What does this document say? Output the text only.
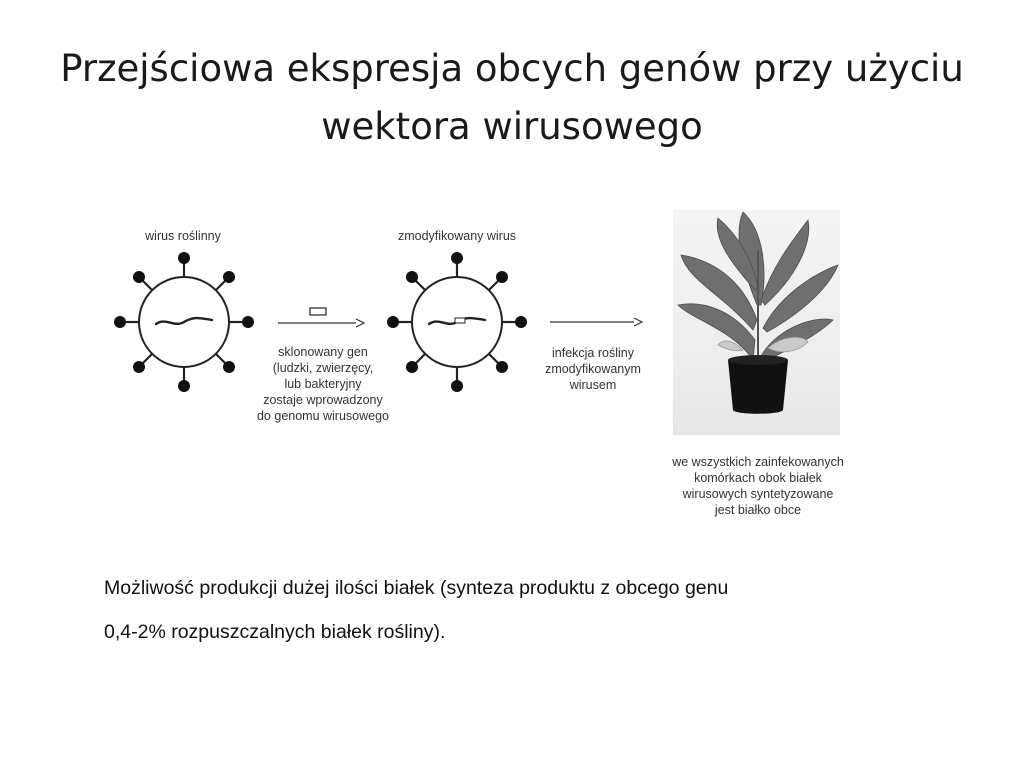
Przejściowa ekspresja obcych genów przy użyciu
wektora wirusowego
wirus roślinny
sklonowany gen
(ludzki, zwierzęcy,
lub bakteryjny
zostaje wprowadzony
do genomu wirusowego
zmodyfikowany wirus
infekcja rośliny
zmodyfikowanym
wirusem
we wszystkich zainfekowanych
komórkach obok białek
wirusowych syntetyzowane
jest białko obce
Możliwość produkcji dużej ilości białek (synteza produktu z obcego genu
0,4-2% rozpuszczalnych białek rośliny).
